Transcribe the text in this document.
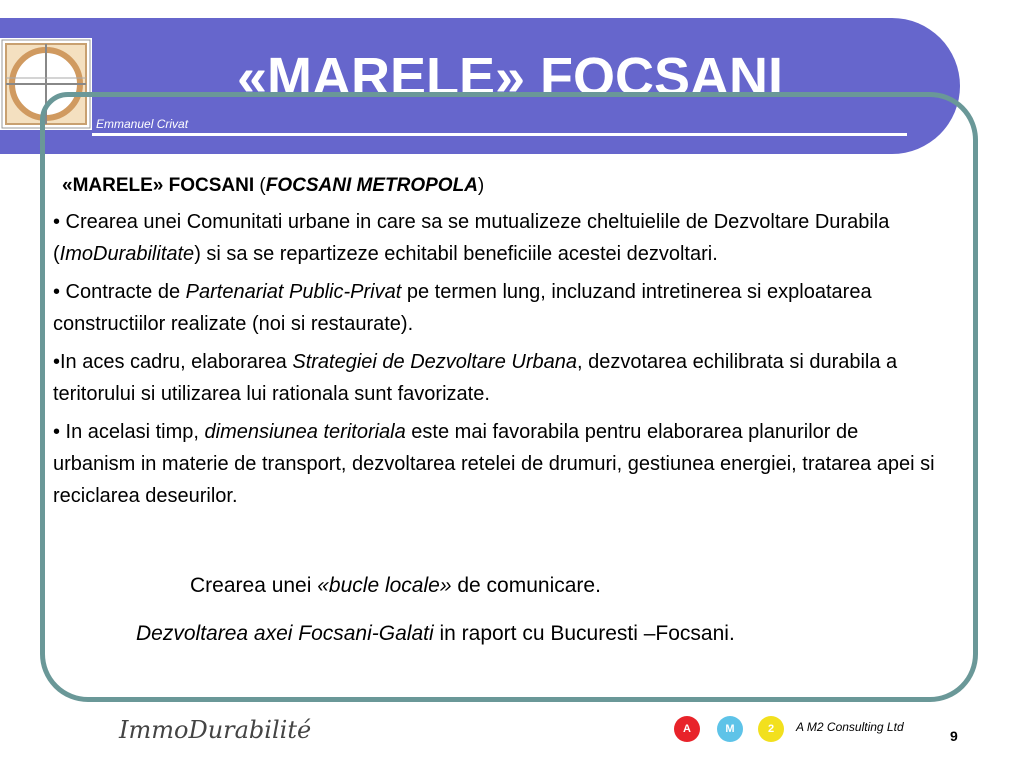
«MARELE» FOCSANI
Emmanuel Crivat

«MARELE» FOCSANI (FOCSANI METROPOLA)

• Crearea unei Comunitati urbane in care sa se mutualizeze cheltuielile de Dezvoltare Durabila (ImoDurabilitate) si sa se repartizeze echitabil beneficiile acestei dezvoltari.

• Contracte de Partenariat Public-Privat pe termen lung, incluzand intretinerea si exploatarea constructiilor realizate (noi si restaurate).

•In aces cadru, elaborarea Strategiei de Dezvoltare Urbana, dezvotarea echilibrata si durabila a teritorului si utilizarea lui rationala sunt favorizate.

• In acelasi timp, dimensiunea teritoriala este mai favorabila pentru elaborarea planurilor de urbanism in materie de transport, dezvoltarea retelei de drumuri, gestiunea energiei, tratarea apei si reciclarea deseurilor.

Crearea unei «bucle locale» de comunicare.
Dezvoltarea axei Focsani-Galati in raport cu Bucuresti –Focsani.
ImmoDurabilité	A	M	2	A M2 Consulting Ltd
9
